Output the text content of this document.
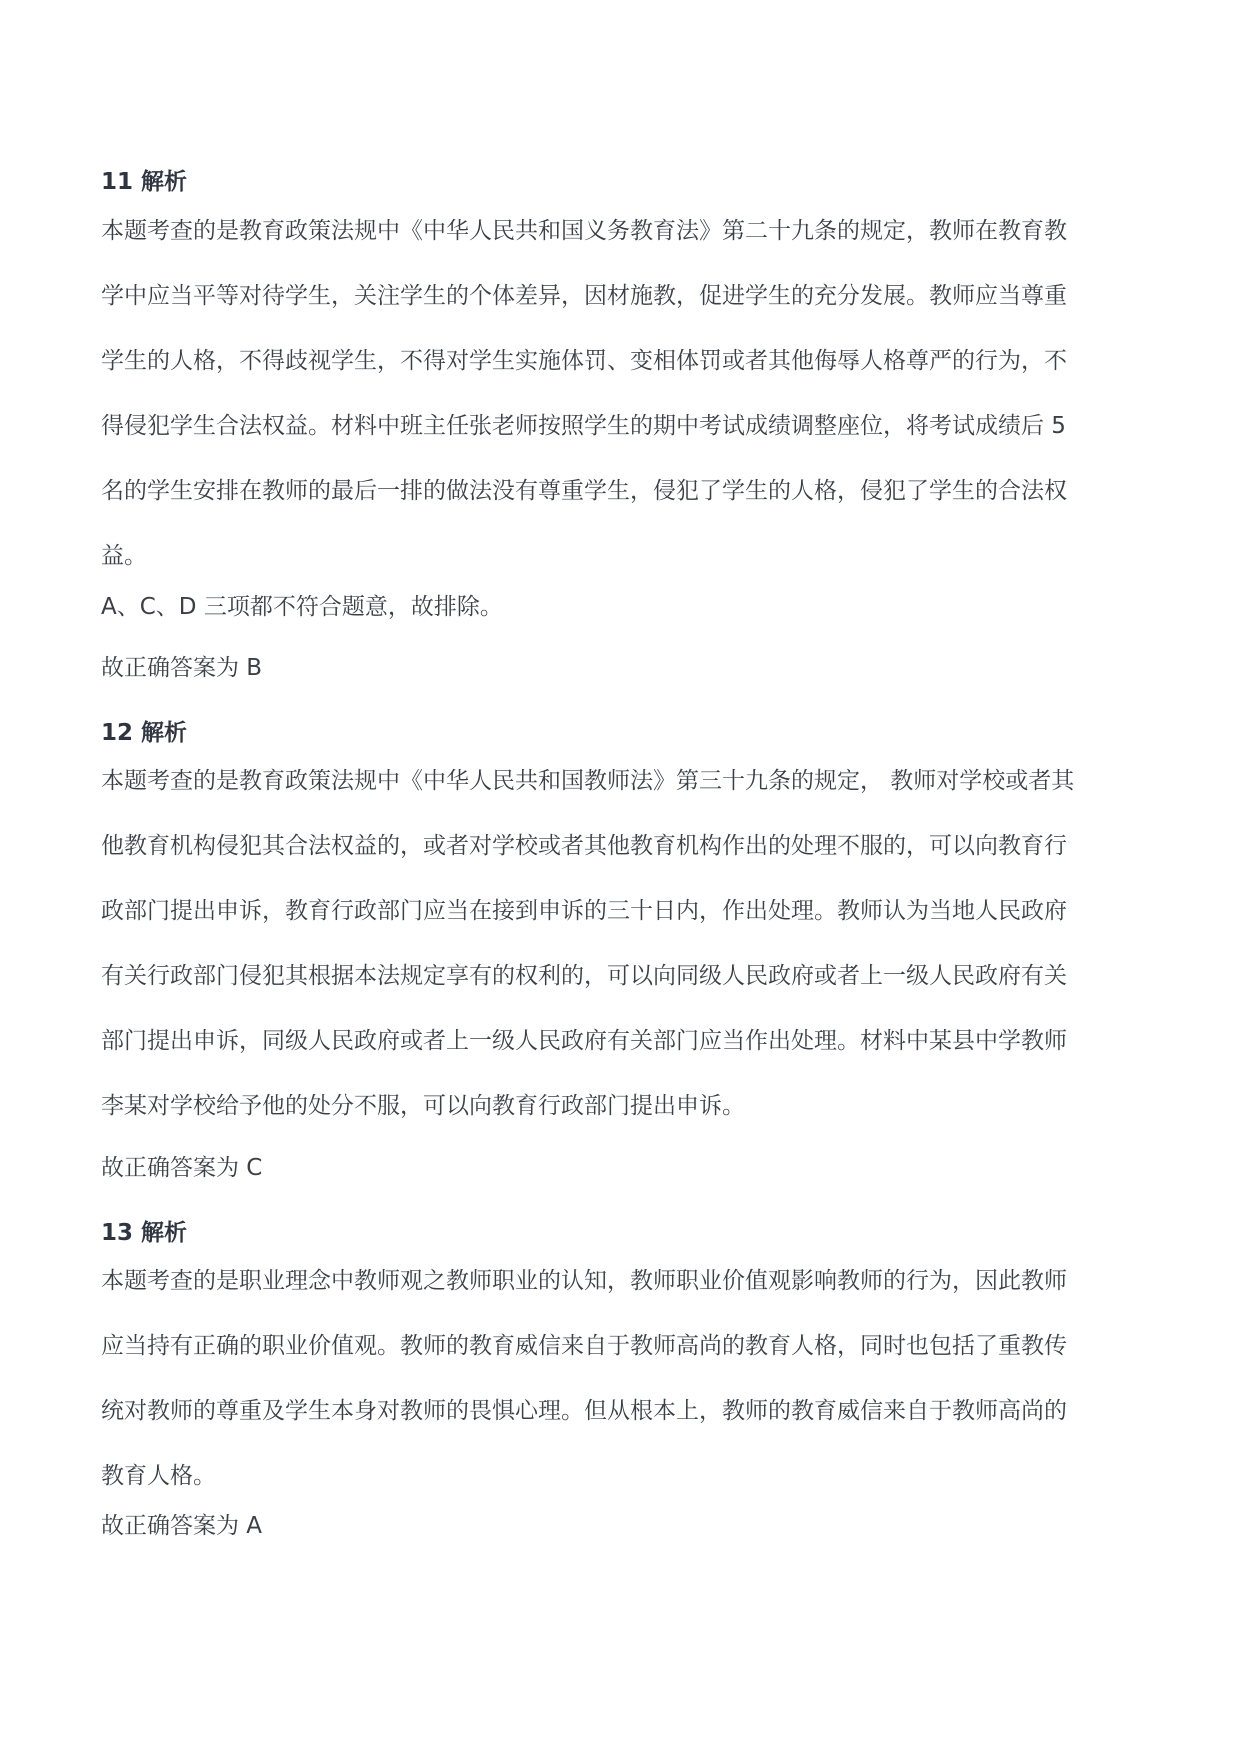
11 解析
本题考查的是教育政策法规中《中华人民共和国义务教育法》第二十九条的规定，教师在教育教
学中应当平等对待学生，关注学生的个体差异，因材施教，促进学生的充分发展。教师应当尊重
学生的人格，不得歧视学生，不得对学生实施体罚、变相体罚或者其他侮辱人格尊严的行为，不
得侵犯学生合法权益。材料中班主任张老师按照学生的期中考试成绩调整座位，将考试成绩后 5
名的学生安排在教师的最后一排的做法没有尊重学生，侵犯了学生的人格，侵犯了学生的合法权
益。
A、C、D 三项都不符合题意，故排除。
故正确答案为 B
12 解析
本题考查的是教育政策法规中《中华人民共和国教师法》第三十九条的规定， 教师对学校或者其
他教育机构侵犯其合法权益的，或者对学校或者其他教育机构作出的处理不服的，可以向教育行
政部门提出申诉，教育行政部门应当在接到申诉的三十日内，作出处理。教师认为当地人民政府
有关行政部门侵犯其根据本法规定享有的权利的，可以向同级人民政府或者上一级人民政府有关
部门提出申诉，同级人民政府或者上一级人民政府有关部门应当作出处理。材料中某县中学教师
李某对学校给予他的处分不服，可以向教育行政部门提出申诉。
故正确答案为 C
13 解析
本题考查的是职业理念中教师观之教师职业的认知，教师职业价值观影响教师的行为，因此教师
应当持有正确的职业价值观。教师的教育威信来自于教师高尚的教育人格，同时也包括了重教传
统对教师的尊重及学生本身对教师的畏惧心理。但从根本上，教师的教育威信来自于教师高尚的
教育人格。
故正确答案为 A
